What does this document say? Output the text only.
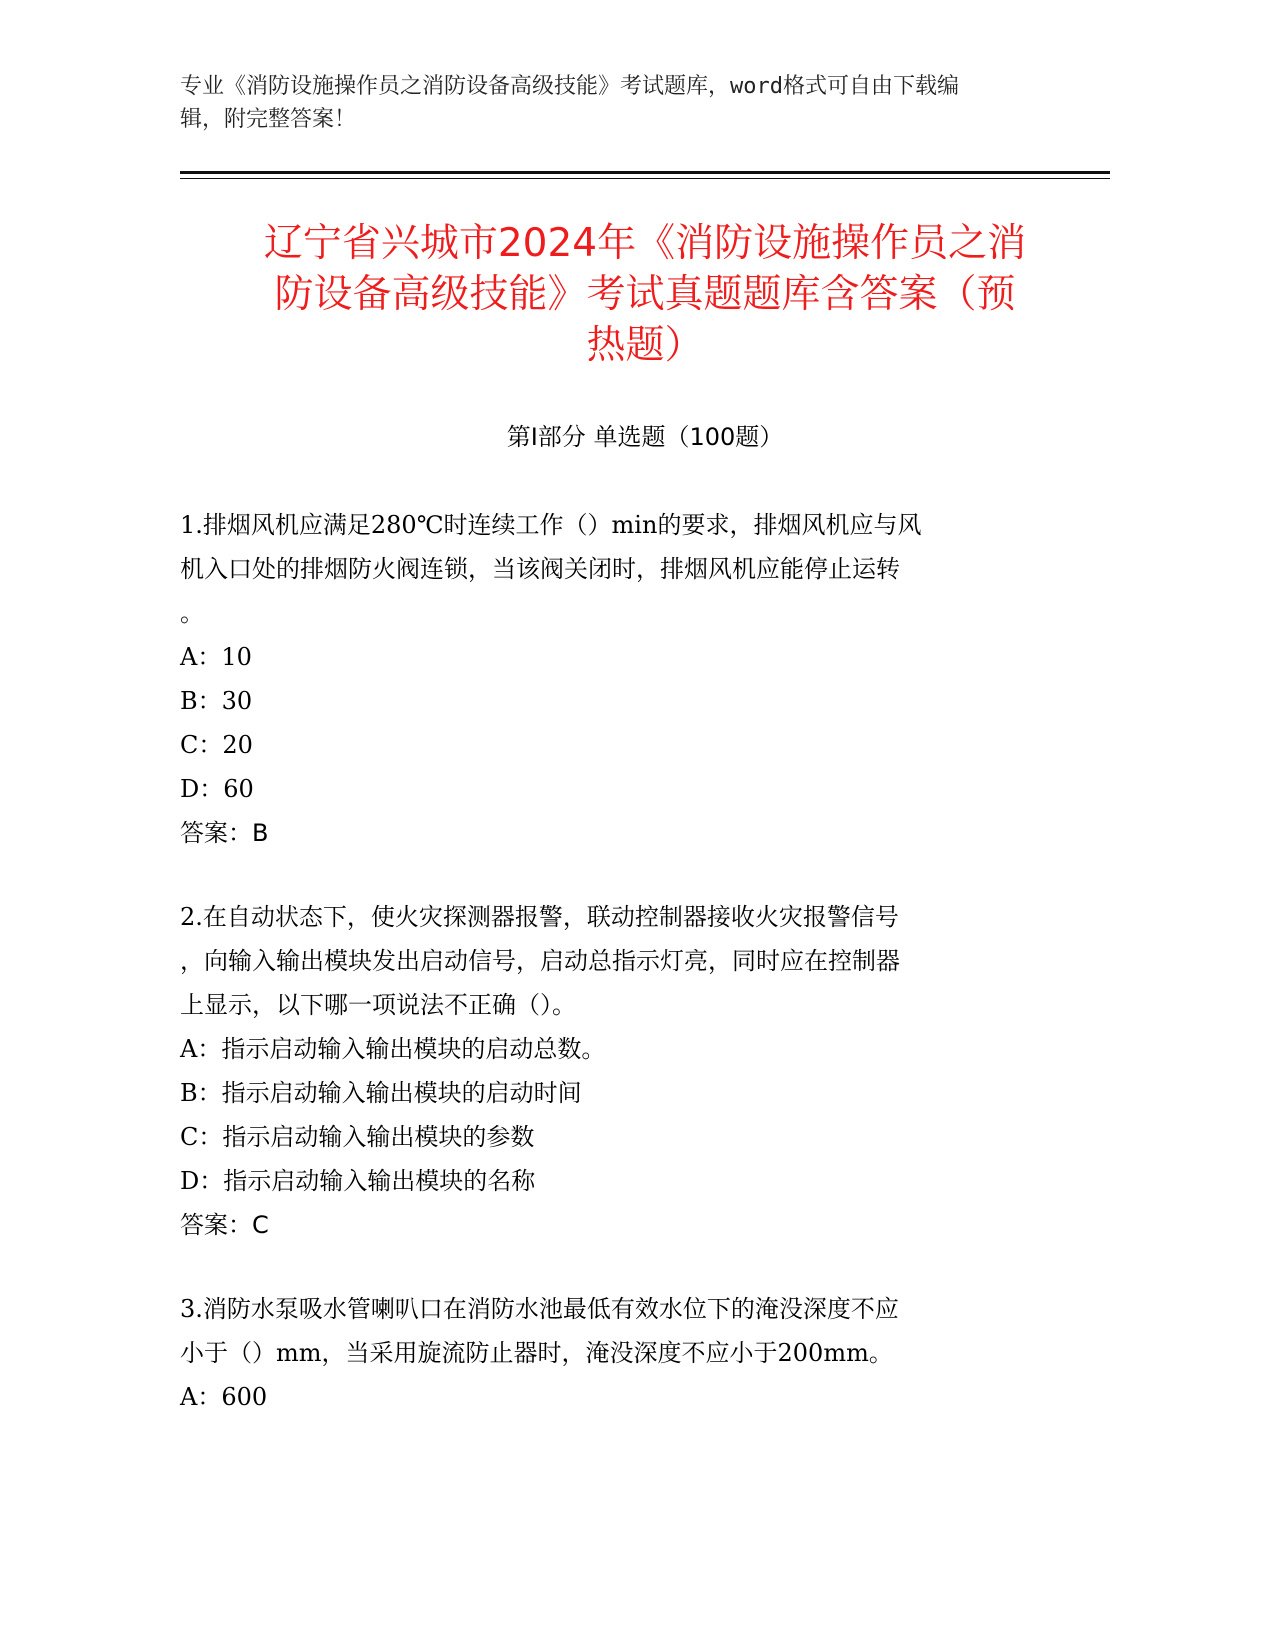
专业《消防设施操作员之消防设备高级技能》考试题库，word格式可自由下载编
辑，附完整答案！
辽宁省兴城市2024年《消防设施操作员之消
防设备高级技能》考试真题题库含答案（预
热题）
第Ⅰ部分 单选题（100题）
1.排烟风机应满足280℃时连续工作（）min的要求，排烟风机应与风
机入口处的排烟防火阀连锁，当该阀关闭时，排烟风机应能停止运转
。
A：10
B：30
C：20
D：60
答案：B
2.在自动状态下，使火灾探测器报警，联动控制器接收火灾报警信号
，向输入输出模块发出启动信号，启动总指示灯亮，同时应在控制器
上显示，以下哪一项说法不正确（）。
A：指示启动输入输出模块的启动总数。
B：指示启动输入输出模块的启动时间
C：指示启动输入输出模块的参数
D：指示启动输入输出模块的名称
答案：C
3.消防水泵吸水管喇叭口在消防水池最低有效水位下的淹没深度不应
小于（）mm，当采用旋流防止器时，淹没深度不应小于200mm。
A：600
